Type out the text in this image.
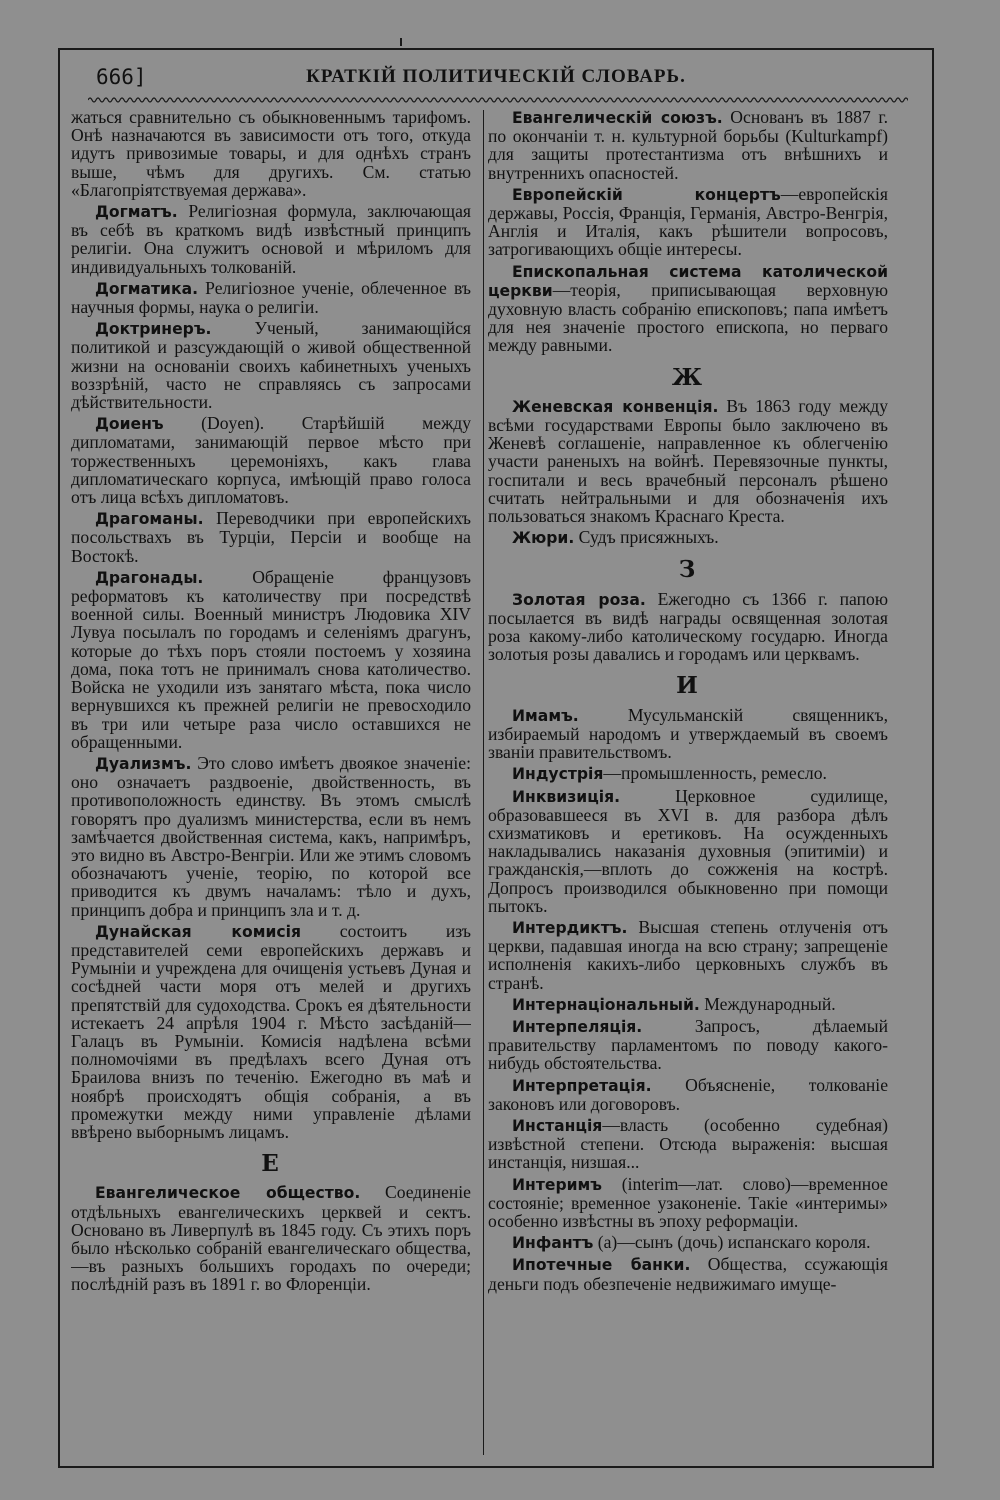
666]	КРАТКІЙ ПОЛИТИЧЕСКІЙ СЛОВАРЬ.

жаться сравнительно съ обыкновеннымъ тарифомъ. Онѣ назначаются въ зависимости отъ того, откуда идутъ привозимые товары, и для однѣхъ странъ выше, чѣмъ для другихъ. См. статью «Благопріятствуемая держава».

Догматъ. Религіозная формула, заключающая въ себѣ въ краткомъ видѣ извѣстный принципъ религіи. Она служитъ основой и мѣриломъ для индивидуальныхъ толкованій.

Догматика. Религіозное ученіе, облеченное въ научныя формы, наука о религіи.

Доктринеръ. Ученый, занимающійся политикой и разсуждающій о живой общественной жизни на основаніи своихъ кабинетныхъ ученыхъ воззрѣній, часто не справляясь съ запросами дѣйствительности.

Доиенъ (Doyen). Старѣйшій между дипломатами, занимающій первое мѣсто при торжественныхъ церемоніяхъ, какъ глава дипломатическаго корпуса, имѣющій право голоса отъ лица всѣхъ дипломатовъ.

Драгоманы. Переводчики при европейскихъ посольствахъ въ Турціи, Персіи и вообще на Востокѣ.

Драгонады. Обращеніе французовъ реформатовъ къ католичеству при посредствѣ военной силы. Военный министръ Людовика XIV Лувуа посылалъ по городамъ и селеніямъ драгунъ, которые до тѣхъ поръ стояли постоемъ у хозяина дома, пока тотъ не принималъ снова католичество. Войска не уходили изъ занятаго мѣста, пока число вернувшихся къ прежней религіи не превосходило въ три или четыре раза число оставшихся не обращенными.

Дуализмъ. Это слово имѣетъ двоякое значеніе: оно означаетъ раздвоеніе, двойственность, въ противоположность единству. Въ этомъ смыслѣ говорятъ про дуализмъ министерства, если въ немъ замѣчается двойственная система, какъ, напримѣръ, это видно въ Австро-Венгріи. Или же этимъ словомъ обозначаютъ ученіе, теорію, по которой все приводится къ двумъ началамъ: тѣло и духъ, принципъ добра и принципъ зла и т. д.

Дунайская комисія состоитъ изъ представителей семи европейскихъ державъ и Румыніи и учреждена для очищенія устьевъ Дуная и сосѣдней части моря отъ мелей и другихъ препятствій для судоходства. Срокъ ея дѣятельности истекаетъ 24 апрѣля 1904 г. Мѣсто засѣданій—Галацъ въ Румыніи. Комисія надѣлена всѣми полномочіями въ предѣлахъ всего Дуная отъ Браилова внизъ по теченію. Ежегодно въ маѣ и ноябрѣ происходятъ общія собранія, а въ промежутки между ними управленіе дѣлами ввѣрено выборнымъ лицамъ.

Е

Евангелическое общество. Соединеніе отдѣльныхъ евангелическихъ церквей и сектъ. Основано въ Ливерпулѣ въ 1845 году. Съ этихъ поръ было нѣсколько собраній евангелическаго общества,—въ разныхъ большихъ городахъ по очереди; послѣдній разъ въ 1891 г. во Флоренціи.

Евангелическій союзъ. Основанъ въ 1887 г. по окончаніи т. н. культурной борьбы (Kulturkampf) для защиты протестантизма отъ внѣшнихъ и внутреннихъ опасностей.

Европейскій концертъ—европейскія державы, Россія, Франція, Германія, Австро-Венгрія, Англія и Италія, какъ рѣшители вопросовъ, затрогивающихъ общіе интересы.

Епископальная система католической церкви—теорія, приписывающая верховную духовную власть собранію епископовъ; папа имѣетъ для нея значеніе простого епископа, но перваго между равными.

Ж

Женевская конвенція. Въ 1863 году между всѣми государствами Европы было заключено въ Женевѣ соглашеніе, направленное къ облегченію участи раненыхъ на войнѣ. Перевязочные пункты, госпитали и весь врачебный персоналъ рѣшено считать нейтральными и для обозначенія ихъ пользоваться знакомъ Краснаго Креста.

Жюри. Судъ присяжныхъ.

З

Золотая роза. Ежегодно съ 1366 г. папою посылается въ видѣ награды освященная золотая роза какому-либо католическому государю. Иногда золотыя розы давались и городамъ или церквамъ.

И

Имамъ. Мусульманскій священникъ, избираемый народомъ и утверждаемый въ своемъ званіи правительствомъ.

Индустрія—промышленность, ремесло.

Инквизиція. Церковное судилище, образовавшееся въ XVI в. для разбора дѣлъ схизматиковъ и еретиковъ. На осужденныхъ накладывались наказанія духовныя (эпитиміи) и гражданскія,—вплоть до сожженія на кострѣ. Допросъ производился обыкновенно при помощи пытокъ.

Интердиктъ. Высшая степень отлученія отъ церкви, падавшая иногда на всю страну; запрещеніе исполненія какихъ-либо церковныхъ службъ въ странѣ.

Интернаціональный. Международный.

Интерпеляція. Запросъ, дѣлаемый правительству парламентомъ по поводу какого-нибудь обстоятельства.

Интерпретація. Объясненіе, толкованіе законовъ или договоровъ.

Инстанція—власть (особенно судебная) извѣстной степени. Отсюда выраженія: высшая инстанція, низшая...

Интеримъ (interim—лат. слово)—временное состояніе; временное узаконеніе. Такіе «интеримы» особенно извѣстны въ эпоху реформаціи.

Инфантъ (а)—сынъ (дочь) испанскаго короля.

Ипотечные банки. Общества, ссужающія деньги подъ обезпеченіе недвижимаго имуще-
